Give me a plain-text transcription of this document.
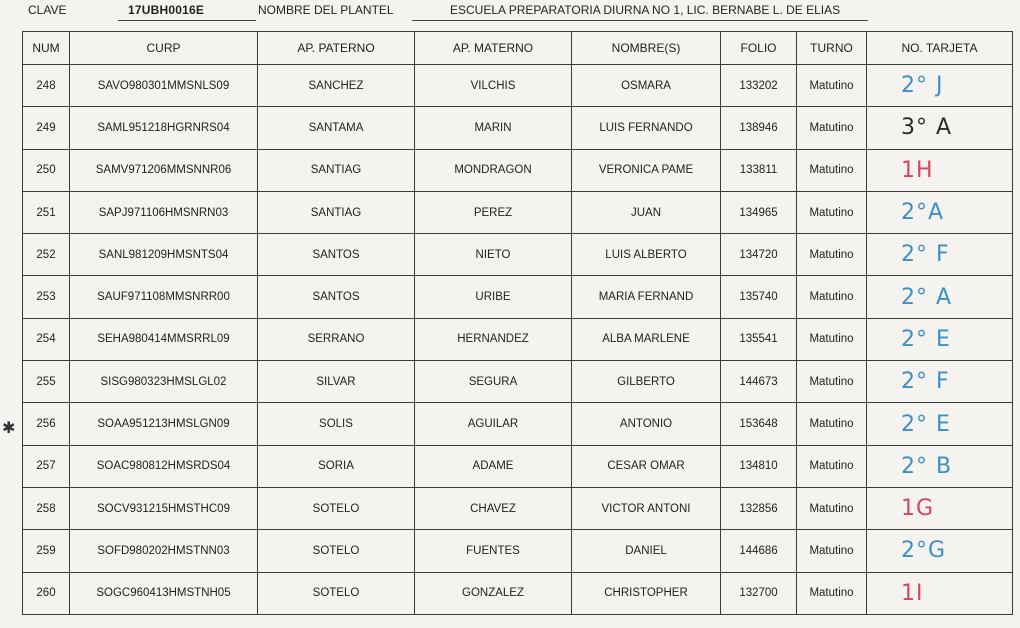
CLAVE	17UBH0016E	NOMBRE DEL PLANTEL	ESCUELA PREPARATORIA DIURNA NO 1, LIC. BERNABE L. DE ELIAS
✱
NUM	CURP	AP. PATERNO	AP. MATERNO	NOMBRE(S)	FOLIO	TURNO	NO. TARJETA	
248	SAVO980301MMSNLS09	SANCHEZ	VILCHIS	OSMARA	133202	Matutino	2° J	
249	SAML951218HGRNRS04	SANTAMA	MARIN	LUIS FERNANDO	138946	Matutino	3° A	
250	SAMV971206MMSNNR06	SANTIAG	MONDRAGON	VERONICA PAME	133811	Matutino	1H	
251	SAPJ971106HMSNRN03	SANTIAG	PEREZ	JUAN	134965	Matutino	2°A	
252	SANL981209HMSNTS04	SANTOS	NIETO	LUIS ALBERTO	134720	Matutino	2° F	
253	SAUF971108MMSNRR00	SANTOS	URIBE	MARIA FERNAND	135740	Matutino	2° A	
254	SEHA980414MMSRRL09	SERRANO	HERNANDEZ	ALBA MARLENE	135541	Matutino	2° E	
255	SISG980323HMSLGL02	SILVAR	SEGURA	GILBERTO	144673	Matutino	2° F	
256	SOAA951213HMSLGN09	SOLIS	AGUILAR	ANTONIO	153648	Matutino	2° E	
257	SOAC980812HMSRDS04	SORIA	ADAME	CESAR OMAR	134810	Matutino	2° B	
258	SOCV931215HMSTHC09	SOTELO	CHAVEZ	VICTOR ANTONI	132856	Matutino	1G	
259	SOFD980202HMSTNN03	SOTELO	FUENTES	DANIEL	144686	Matutino	2°G	
260	SOGC960413HMSTNH05	SOTELO	GONZALEZ	CHRISTOPHER	132700	Matutino	1I	
